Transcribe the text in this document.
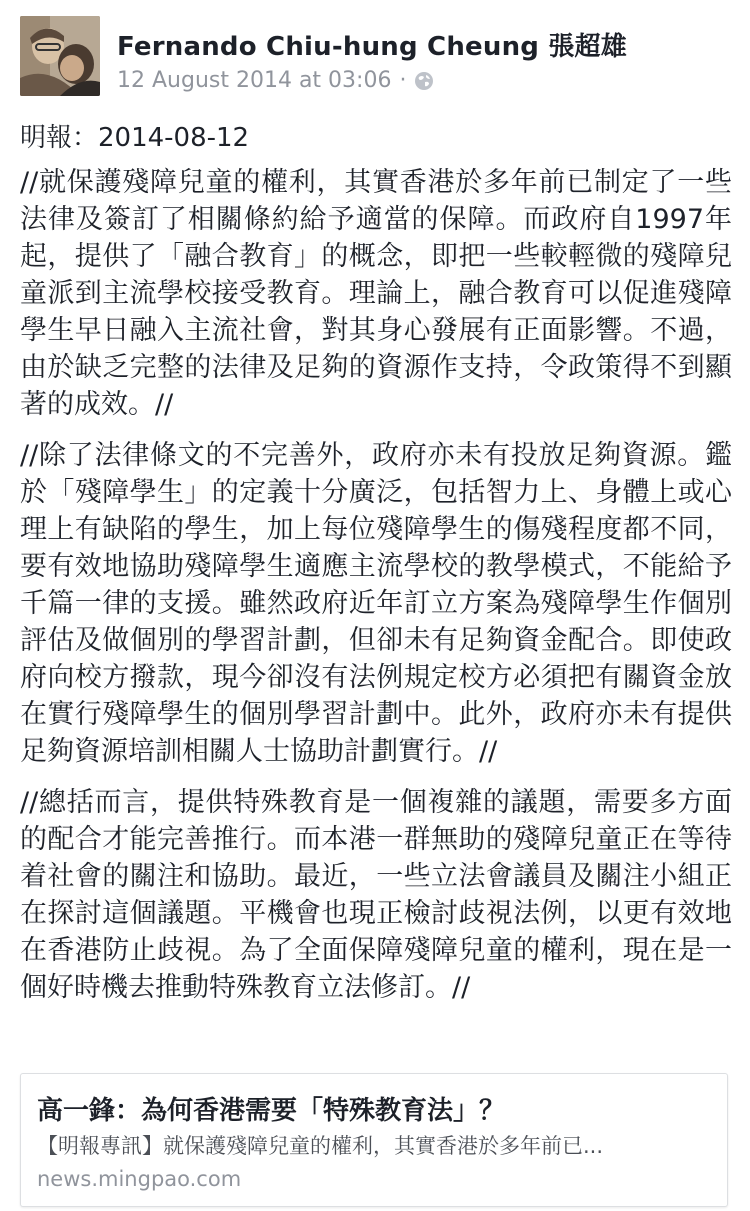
Fernando Chiu-hung Cheung 張超雄
12 August 2014 at 03:06 ·

明報：2014-08-12

//就保護殘障兒童的權利，其實香港於多年前已制定了一些法律及簽訂了相關條約給予適當的保障。而政府自1997年起，提供了「融合教育」的概念，即把一些較輕微的殘障兒童派到主流學校接受教育。理論上，融合教育可以促進殘障學生早日融入主流社會，對其身心發展有正面影響。不過，由於缺乏完整的法律及足夠的資源作支持，令政策得不到顯著的成效。//

//除了法律條文的不完善外，政府亦未有投放足夠資源。鑑於「殘障學生」的定義十分廣泛，包括智力上、身體上或心理上有缺陷的學生，加上每位殘障學生的傷殘程度都不同，要有效地協助殘障學生適應主流學校的教學模式，不能給予千篇一律的支援。雖然政府近年訂立方案為殘障學生作個別評估及做個別的學習計劃，但卻未有足夠資金配合。即使政府向校方撥款，現今卻沒有法例規定校方必須把有關資金放在實行殘障學生的個別學習計劃中。此外，政府亦未有提供足夠資源培訓相關人士協助計劃實行。//

//總括而言，提供特殊教育是一個複雜的議題，需要多方面的配合才能完善推行。而本港一群無助的殘障兒童正在等待着社會的關注和協助。最近，一些立法會議員及關注小組正在探討這個議題。平機會也現正檢討歧視法例，以更有效地在香港防止歧視。為了全面保障殘障兒童的權利，現在是一個好時機去推動特殊教育立法修訂。//

高一鋒：為何香港需要「特殊教育法」？
【明報專訊】就保護殘障兒童的權利，其實香港於多年前已...
news.mingpao.com
